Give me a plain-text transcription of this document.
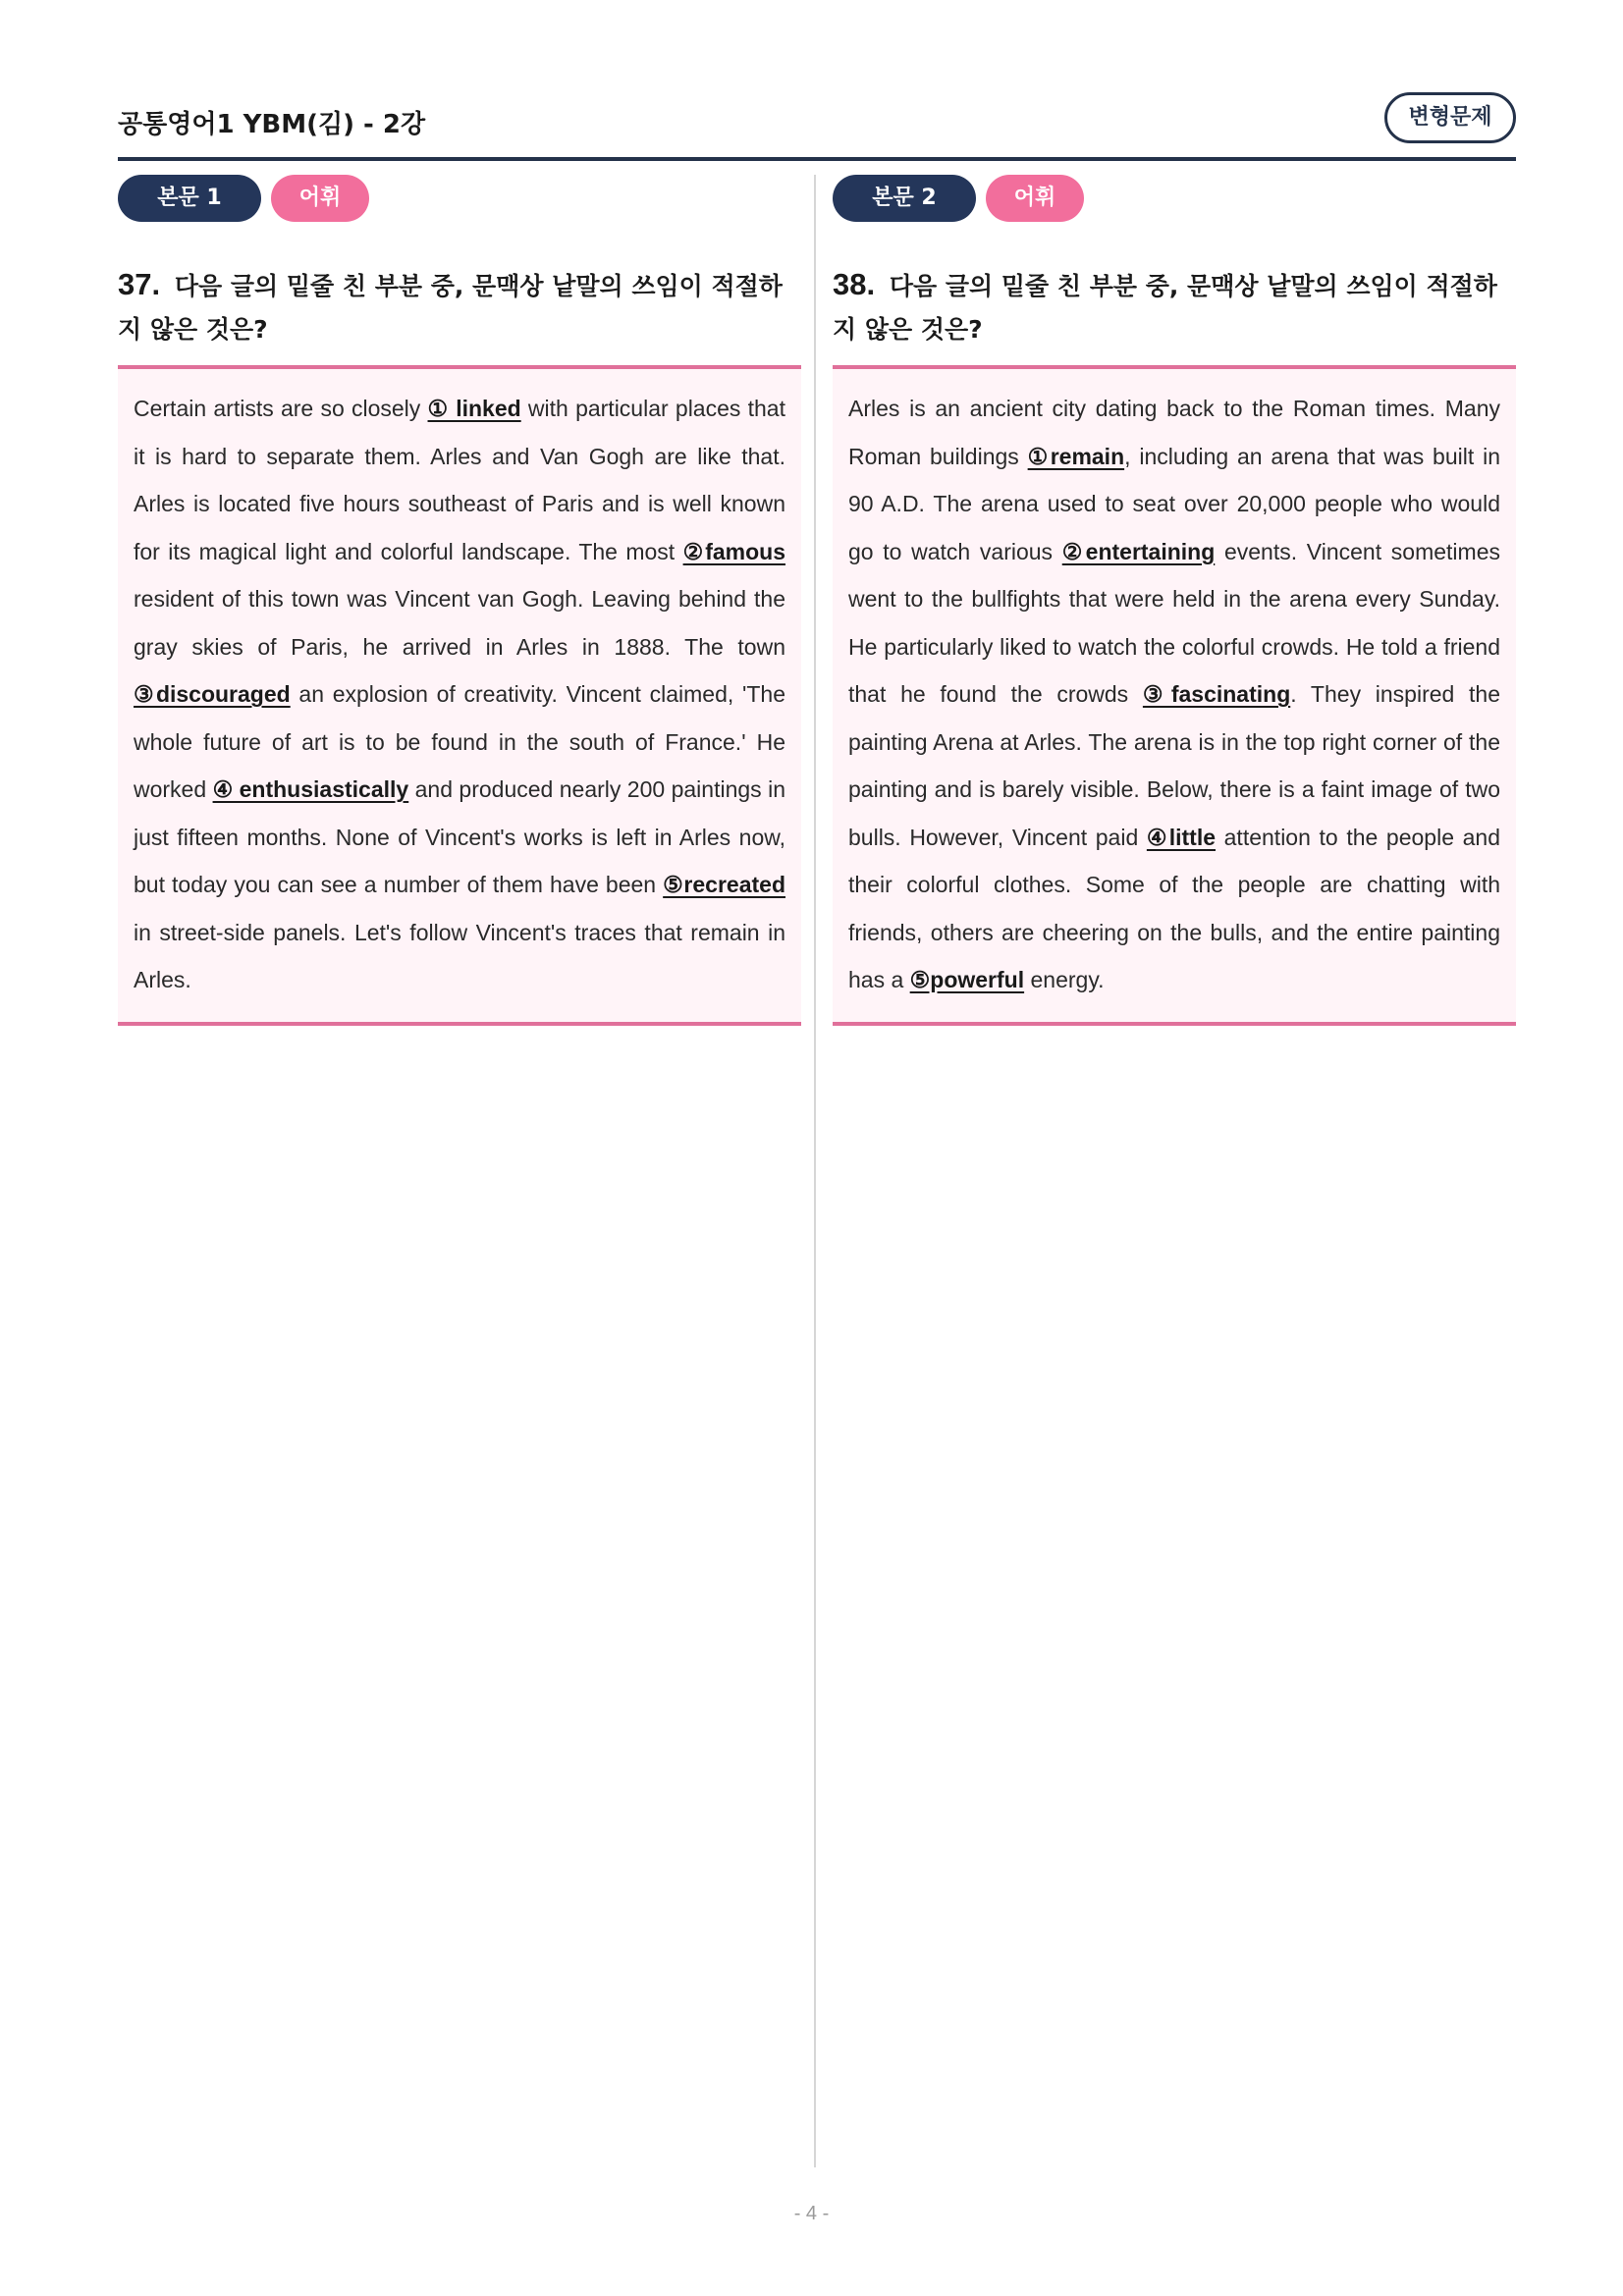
공통영어1 YBM(김) - 2강	변형문제
본문 1	어휘
37. 다음 글의 밑줄 친 부분 중, 문맥상 낱말의 쓰임이 적절하지 않은 것은?
Certain artists are so closely ① linked with particular places that it is hard to separate them. Arles and Van Gogh are like that. Arles is located five hours southeast of Paris and is well known for its magical light and colorful landscape. The most ②famous resident of this town was Vincent van Gogh. Leaving behind the gray skies of Paris, he arrived in Arles in 1888. The town ③discouraged an explosion of creativity. Vincent claimed, 'The whole future of art is to be found in the south of France.' He worked ④ enthusiastically and produced nearly 200 paintings in just fifteen months. None of Vincent's works is left in Arles now, but today you can see a number of them have been ⑤recreated in street-side panels. Let's follow Vincent's traces that remain in Arles.
본문 2	어휘
38. 다음 글의 밑줄 친 부분 중, 문맥상 낱말의 쓰임이 적절하지 않은 것은?
Arles is an ancient city dating back to the Roman times. Many Roman buildings ①remain, including an arena that was built in 90 A.D. The arena used to seat over 20,000 people who would go to watch various ②entertaining events. Vincent sometimes went to the bullfights that were held in the arena every Sunday. He particularly liked to watch the colorful crowds. He told a friend that he found the crowds ③fascinating. They inspired the painting Arena at Arles. The arena is in the top right corner of the painting and is barely visible. Below, there is a faint image of two bulls. However, Vincent paid ④little attention to the people and their colorful clothes. Some of the people are chatting with friends, others are cheering on the bulls, and the entire painting has a ⑤powerful energy.
- 4 -
